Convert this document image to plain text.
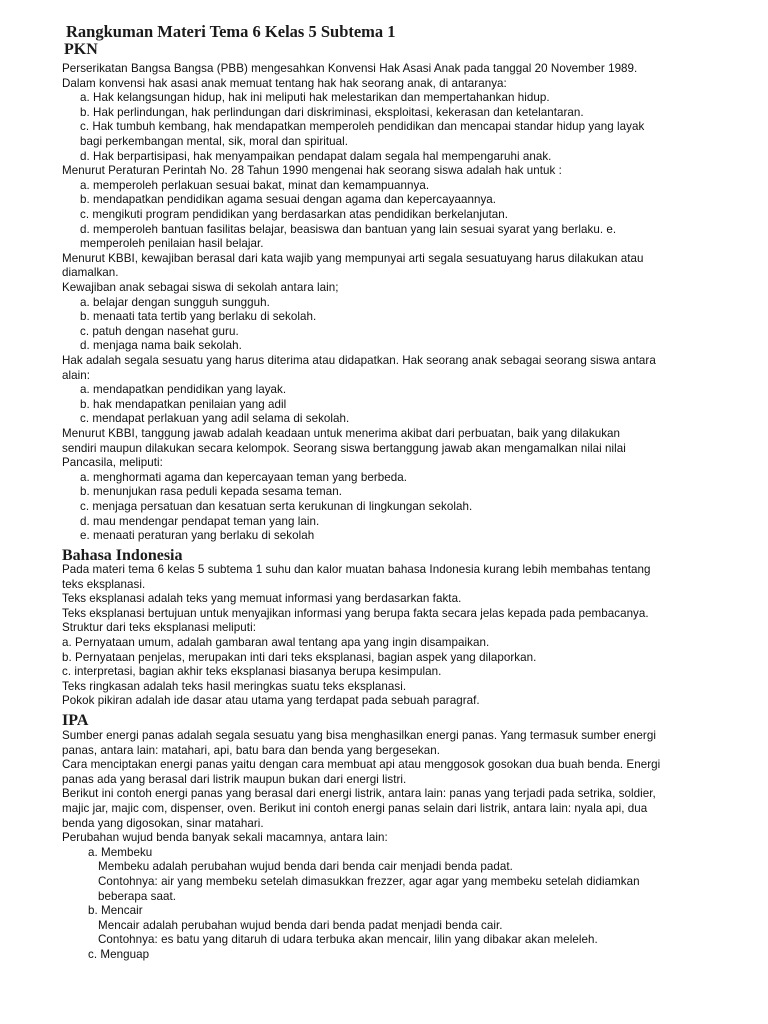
Rangkuman Materi Tema 6 Kelas 5 Subtema 1
PKN
Perserikatan Bangsa Bangsa (PBB) mengesahkan Konvensi Hak Asasi Anak pada tanggal 20 November 1989.
Dalam konvensi hak asasi anak memuat tentang hak hak seorang anak, di antaranya:
a. Hak kelangsungan hidup, hak ini meliputi hak melestarikan dan mempertahankan hidup.
b. Hak perlindungan, hak perlindungan dari diskriminasi, eksploitasi, kekerasan dan ketelantaran.
c. Hak tumbuh kembang, hak mendapatkan memperoleh pendidikan dan mencapai standar hidup yang layak
bagi perkembangan mental, sik, moral dan spiritual.
d. Hak berpartisipasi, hak menyampaikan pendapat dalam segala hal mempengaruhi anak.
Menurut Peraturan Perintah No. 28 Tahun 1990 mengenai hak seorang siswa adalah hak untuk :
a. memperoleh perlakuan sesuai bakat, minat dan kemampuannya.
b. mendapatkan pendidikan agama sesuai dengan agama dan kepercayaannya.
c. mengikuti program pendidikan yang berdasarkan atas pendidikan berkelanjutan.
d. memperoleh bantuan fasilitas belajar, beasiswa dan bantuan yang lain sesuai syarat yang berlaku. e.
memperoleh penilaian hasil belajar.
Menurut KBBI, kewajiban berasal dari kata wajib yang mempunyai arti segala sesuatuyang harus dilakukan atau
diamalkan.
Kewajiban anak sebagai siswa di sekolah antara lain;
a. belajar dengan sungguh sungguh.
b. menaati tata tertib yang berlaku di sekolah.
c. patuh dengan nasehat guru.
d. menjaga nama baik sekolah.
Hak adalah segala sesuatu yang harus diterima atau didapatkan. Hak seorang anak sebagai seorang siswa antara
alain:
a. mendapatkan pendidikan yang layak.
b. hak mendapatkan penilaian yang adil
c. mendapat perlakuan yang adil selama di sekolah.
Menurut KBBI, tanggung jawab adalah keadaan untuk menerima akibat dari perbuatan, baik yang dilakukan
sendiri maupun dilakukan secara kelompok. Seorang siswa bertanggung jawab akan mengamalkan nilai nilai
Pancasila, meliputi:
a. menghormati agama dan kepercayaan teman yang berbeda.
b. menunjukan rasa peduli kepada sesama teman.
c. menjaga persatuan dan kesatuan serta kerukunan di lingkungan sekolah.
d. mau mendengar pendapat teman yang lain.
e. menaati peraturan yang berlaku di sekolah
Bahasa Indonesia
Pada materi tema 6 kelas 5 subtema 1 suhu dan kalor muatan bahasa Indonesia kurang lebih membahas tentang
teks eksplanasi.
Teks eksplanasi adalah teks yang memuat informasi yang berdasarkan fakta.
Teks eksplanasi bertujuan untuk menyajikan informasi yang berupa fakta secara jelas kepada pada pembacanya.
Struktur dari teks eksplanasi meliputi:
a. Pernyataan umum, adalah gambaran awal tentang apa yang ingin disampaikan.
b. Pernyataan penjelas, merupakan inti dari teks eksplanasi, bagian aspek yang dilaporkan.
c. interpretasi, bagian akhir teks eksplanasi biasanya berupa kesimpulan.
Teks ringkasan adalah teks hasil meringkas suatu teks eksplanasi.
Pokok pikiran adalah ide dasar atau utama yang terdapat pada sebuah paragraf.
IPA
Sumber energi panas adalah segala sesuatu yang bisa menghasilkan energi panas. Yang termasuk sumber energi
panas, antara lain: matahari, api, batu bara dan benda yang bergesekan.
Cara menciptakan energi panas yaitu dengan cara membuat api atau menggosok gosokan dua buah benda. Energi
panas ada yang berasal dari listrik maupun bukan dari energi listri.
Berikut ini contoh energi panas yang berasal dari energi listrik, antara lain: panas yang terjadi pada setrika, soldier,
majic jar, majic com, dispenser, oven. Berikut ini contoh energi panas selain dari listrik, antara lain: nyala api, dua
benda yang digosokan, sinar matahari.
Perubahan wujud benda banyak sekali macamnya, antara lain:
a. Membeku
Membeku adalah perubahan wujud benda dari benda cair menjadi benda padat.
Contohnya: air yang membeku setelah dimasukkan frezzer, agar agar yang membeku setelah didiamkan
beberapa saat.
b. Mencair
Mencair adalah perubahan wujud benda dari benda padat menjadi benda cair.
Contohnya: es batu yang ditaruh di udara terbuka akan mencair, lilin yang dibakar akan meleleh.
c. Menguap
